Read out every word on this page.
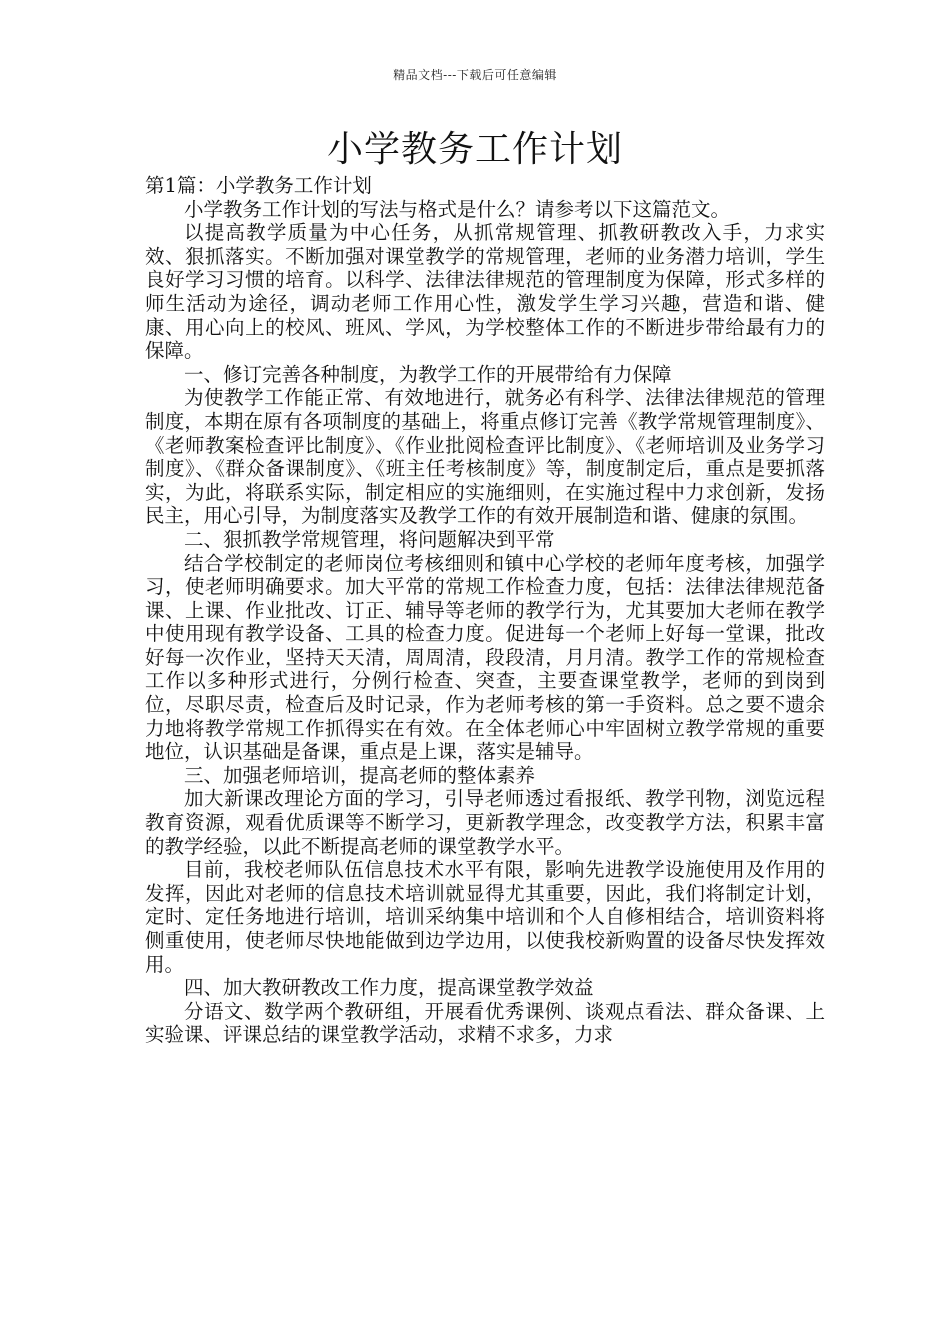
精品文档---下载后可任意编辑
小学教务工作计划

第1篇：小学教务工作计划

小学教务工作计划的写法与格式是什么？请参考以下这篇范文。

以提高教学质量为中心任务，从抓常规管理、抓教研教改入手，力求实效、狠抓落实。不断加强对课堂教学的常规管理，老师的业务潜力培训，学生良好学习习惯的培育。以科学、法律法律规范的管理制度为保障，形式多样的师生活动为途径，调动老师工作用心性，激发学生学习兴趣，营造和谐、健康、用心向上的校风、班风、学风，为学校整体工作的不断进步带给最有力的保障。

一、修订完善各种制度，为教学工作的开展带给有力保障

为使教学工作能正常、有效地进行，就务必有科学、法律法律规范的管理制度，本期在原有各项制度的基础上，将重点修订完善《教学常规管理制度》、《老师教案检查评比制度》、《作业批阅检查评比制度》、《老师培训及业务学习制度》、《群众备课制度》、《班主任考核制度》等，制度制定后，重点是要抓落实，为此，将联系实际，制定相应的实施细则，在实施过程中力求创新，发扬民主，用心引导，为制度落实及教学工作的有效开展制造和谐、健康的氛围。

二、狠抓教学常规管理，将问题解决到平常

结合学校制定的老师岗位考核细则和镇中心学校的老师年度考核，加强学习，使老师明确要求。加大平常的常规工作检查力度，包括：法律法律规范备课、上课、作业批改、订正、辅导等老师的教学行为，尤其要加大老师在教学中使用现有教学设备、工具的检查力度。促进每一个老师上好每一堂课，批改好每一次作业，坚持天天清，周周清，段段清，月月清。教学工作的常规检查工作以多种形式进行，分例行检查、突查，主要查课堂教学，老师的到岗到位，尽职尽责，检查后及时记录，作为老师考核的第一手资料。总之要不遗余力地将教学常规工作抓得实在有效。在全体老师心中牢固树立教学常规的重要地位，认识基础是备课，重点是上课，落实是辅导。

三、加强老师培训，提高老师的整体素养

加大新课改理论方面的学习，引导老师透过看报纸、教学刊物，浏览远程教育资源，观看优质课等不断学习，更新教学理念，改变教学方法，积累丰富的教学经验，以此不断提高老师的课堂教学水平。

目前，我校老师队伍信息技术水平有限，影响先进教学设施使用及作用的发挥，因此对老师的信息技术培训就显得尤其重要，因此，我们将制定计划，定时、定任务地进行培训，培训采纳集中培训和个人自修相结合，培训资料将侧重使用，使老师尽快地能做到边学边用，以使我校新购置的设备尽快发挥效用。

四、加大教研教改工作力度，提高课堂教学效益

分语文、数学两个教研组，开展看优秀课例、谈观点看法、群众备课、上实验课、评课总结的课堂教学活动，求精不求多，力求
